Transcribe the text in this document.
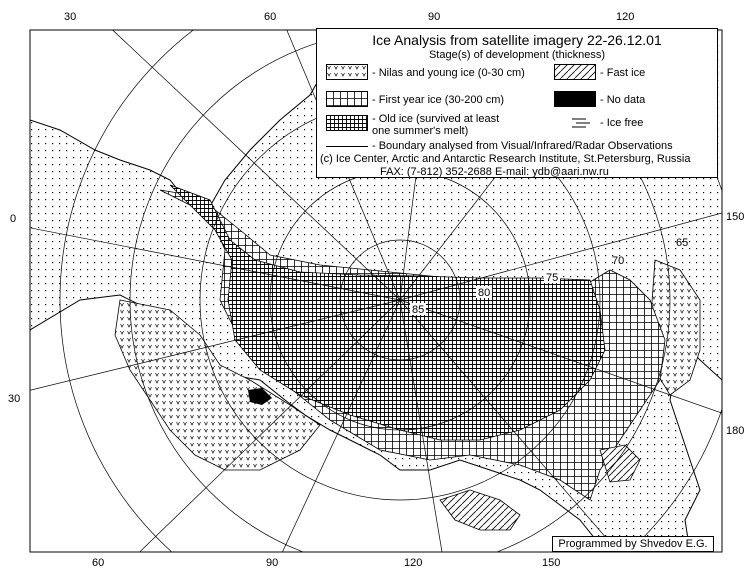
30	60	90	120
60	90	120	150
0
30
150
180
85
80
75
70
65
Ice Analysis from satellite imagery 22-26.12.01
Stage(s) of development (thickness)
- Nilas and young ice (0-30 cm)
- First year ice (30-200 cm)
- Old ice (survived at least
one summer's melt)
- Fast ice
- No data
- Ice free
- Boundary analysed from Visual/Infrared/Radar Observations
(c) Ice Center, Arctic and Antarctic Research Institute, St.Petersburg, Russia
FAX: (7-812) 352-2688 E-mail: ydb@aari.nw.ru
Programmed by Shvedov E.G.
